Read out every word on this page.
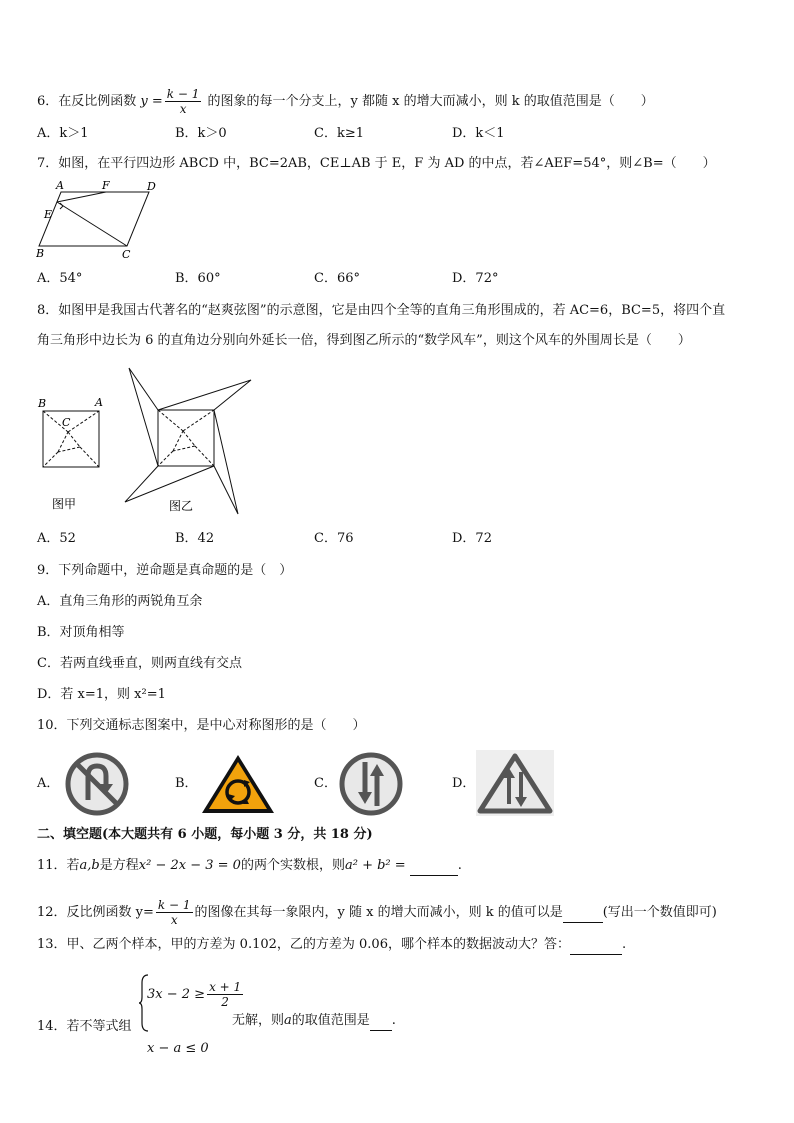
6．在反比例函数 $y = \frac{k - 1}{x}$ 的图象的每一个分支上，y 都随 x 的增大而减小，则 k 的取值范围是（　　）
A．k＞1	B．k＞0	C．k≥1	D．k＜1
7．如图，在平行四边形 ABCD 中，BC=2AB，CE⊥AB 于 E，F 为 AD 的中点，若∠AEF=54°，则∠B=（　　）
A	F	D
E
B	C
A．54°	B．60°	C．66°	D．72°
8．如图甲是我国古代著名的“赵爽弦图”的示意图，它是由四个全等的直角三角形围成的，若 AC=6，BC=5，将四个直
角三角形中边长为 6 的直角边分别向外延长一倍，得到图乙所示的“数学风车”，则这个风车的外围周长是（　　）
B	A
C
图甲	图乙
A．52	B．42	C．76	D．72
9．下列命题中，逆命题是真命题的是（　）
A．直角三角形的两锐角互余
B．对顶角相等
C．若两直线垂直，则两直线有交点
D．若 x=1，则 x²=1
10．下列交通标志图案中，是中心对称图形的是（　　）
A．	B．	C．	D．
二、填空题(本大题共有 6 小题，每小题 3 分，共 18 分)
11．若a,b是方程x² − 2x − 3 = 0的两个实数根，则a² + b² =	.
12．反比例函数 $y= \frac{k - 1}{x}$ 的图像在其每一象限内，y 随 x 的增大而减小，则 k 的值可以是	(写出一个数值即可)
13．甲、乙两个样本，甲的方差为 0.102，乙的方差为 0.06，哪个样本的数据波动大？答：	.
14．若不等式组
$3x - 2 \ge \frac{x + 1}{2}$
无解，则a的取值范围是 .
x − a ≤ 0
